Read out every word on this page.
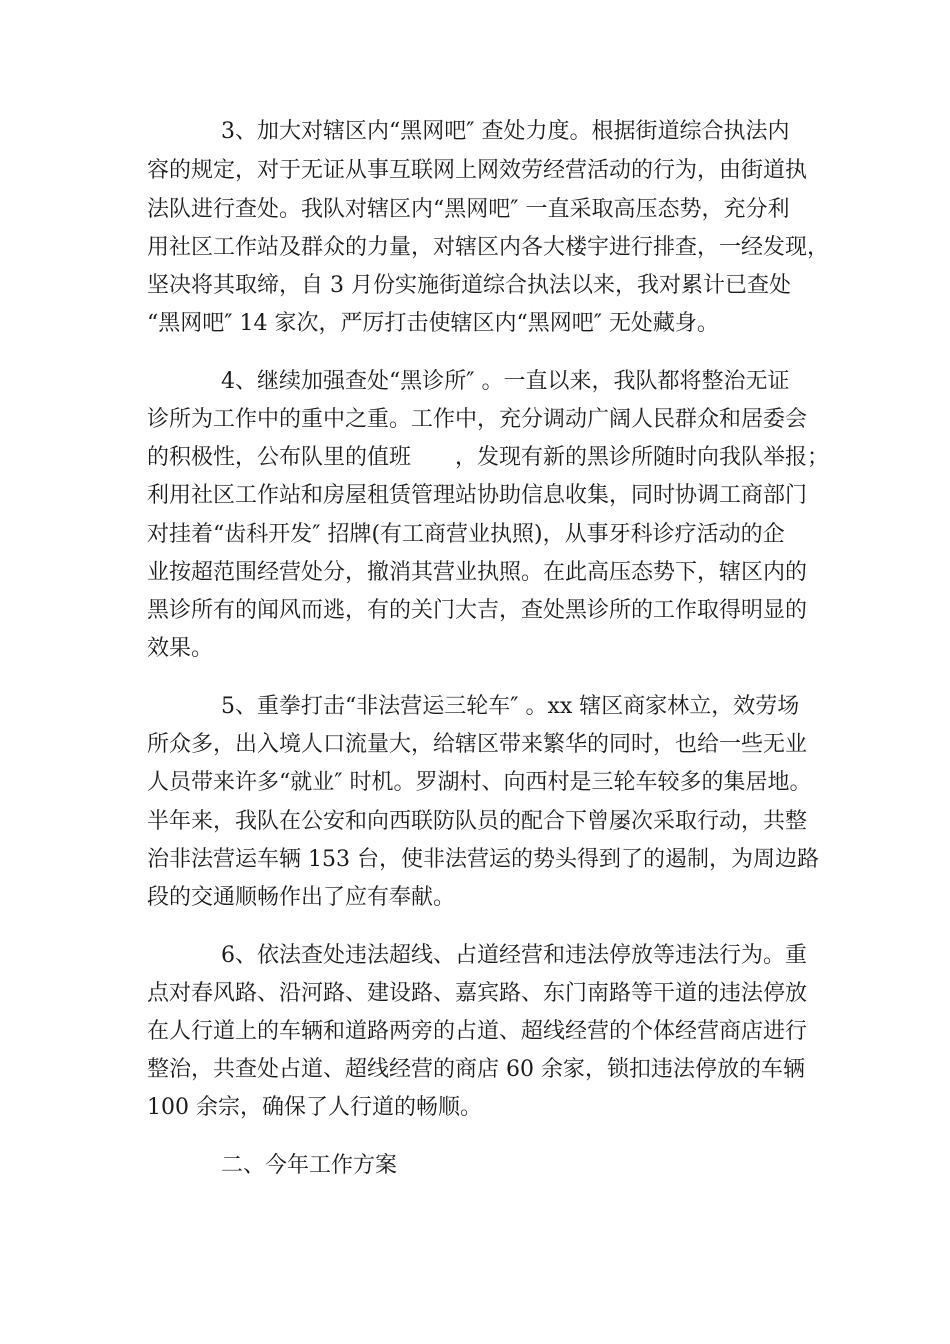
3、加大对辖区内“黑网吧″ 查处力度。根据街道综合执法内
容的规定，对于无证从事互联网上网效劳经营活动的行为，由街道执
法队进行查处。我队对辖区内“黑网吧″ 一直采取高压态势，充分利
用社区工作站及群众的力量，对辖区内各大楼宇进行排查，一经发现，
坚决将其取缔，自 3 月份实施街道综合执法以来，我对累计已查处
“黑网吧″ 14 家次，严厉打击使辖区内“黑网吧″ 无处藏身。
4、继续加强查处“黑诊所″ 。一直以来，我队都将整治无证
诊所为工作中的重中之重。工作中，充分调动广阔人民群众和居委会
的积极性，公布队里的值班　　，发现有新的黑诊所随时向我队举报；
利用社区工作站和房屋租赁管理站协助信息收集，同时协调工商部门
对挂着“齿科开发″ 招牌(有工商营业执照)，从事牙科诊疗活动的企
业按超范围经营处分，撤消其营业执照。在此高压态势下，辖区内的
黑诊所有的闻风而逃，有的关门大吉，查处黑诊所的工作取得明显的
效果。
5、重拳打击“非法营运三轮车″ 。xx 辖区商家林立，效劳场
所众多，出入境人口流量大，给辖区带来繁华的同时，也给一些无业
人员带来许多“就业″ 时机。罗湖村、向西村是三轮车较多的集居地。
半年来，我队在公安和向西联防队员的配合下曾屡次采取行动，共整
治非法营运车辆 153 台，使非法营运的势头得到了的遏制，为周边路
段的交通顺畅作出了应有奉献。
6、依法查处违法超线、占道经营和违法停放等违法行为。重
点对春风路、沿河路、建设路、嘉宾路、东门南路等干道的违法停放
在人行道上的车辆和道路两旁的占道、超线经营的个体经营商店进行
整治，共查处占道、超线经营的商店 60 余家，锁扣违法停放的车辆
100 余宗，确保了人行道的畅顺。
二、今年工作方案
